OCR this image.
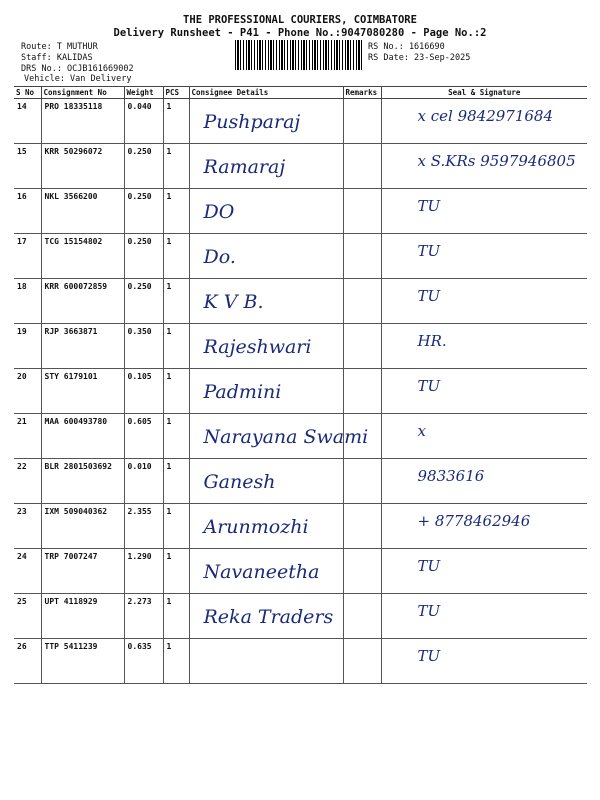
THE PROFESSIONAL COURIERS, COIMBATORE
Delivery Runsheet - P41 - Phone No.:9047080280 - Page No.:2
Route: T MUTHUR
Staff: KALIDAS
DRS No.: OCJB161669002
Vehicle: Van Delivery
RS No.: 1616690
RS Date: 23-Sep-2025
S No	Consignment No	Weight	PCS	Consignee Details	Remarks	Seal & Signature
14	PRO 18335118	0.040	1	Pushparaj		x cel 9842971684

15	KRR 50296072	0.250	1	Ramaraj		x S.KRs 9597946805

16	NKL 3566200	0.250	1	DO		TU

17	TCG 15154802	0.250	1	Do.		TU

18	KRR 600072859	0.250	1	K V B.		TU

19	RJP 3663871	0.350	1	Rajeshwari		HR.

20	STY 6179101	0.105	1	Padmini		TU

21	MAA 600493780	0.605	1	Narayana Swami		x

22	BLR 2801503692	0.010	1	Ganesh		9833616

23	IXM 509040362	2.355	1	Arunmozhi		+ 8778462946

24	TRP 7007247	1.290	1	Navaneetha		TU

25	UPT 4118929	2.273	1	Reka Traders		TU

26	TTP 5411239	0.635	1			TU
